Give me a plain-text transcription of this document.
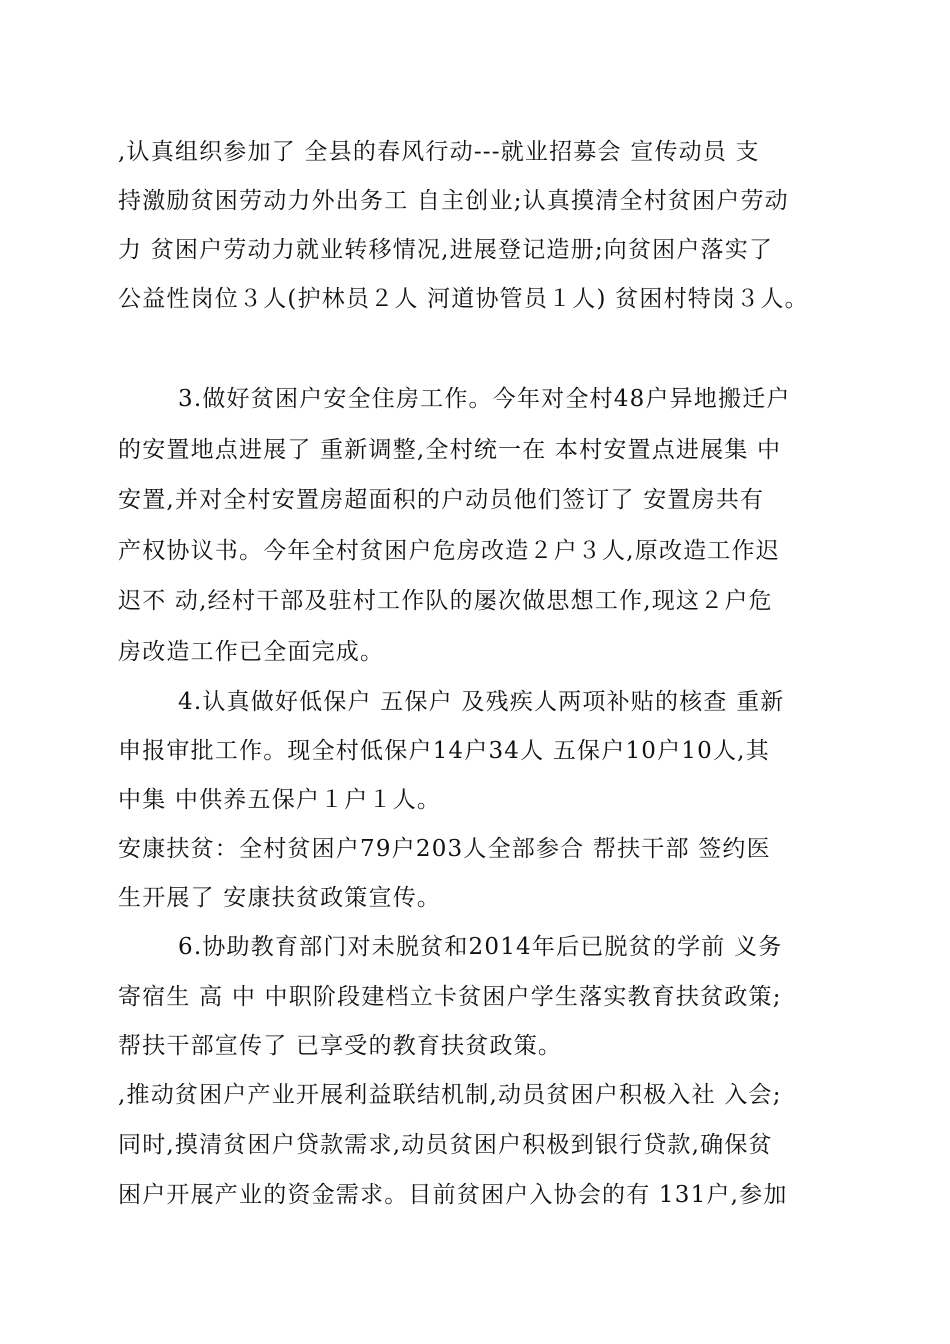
,认真组织参加了 全县的春风行动---就业招募会 宣传动员 支
持激励贫困劳动力外出务工 自主创业;认真摸清全村贫困户劳动
力 贫困户劳动力就业转移情况,进展登记造册;向贫困户落实了
公益性岗位３人(护林员２人 河道协管员１人) 贫困村特岗３人。
3.做好贫困户安全住房工作。今年对全村48户异地搬迁户
的安置地点进展了 重新调整,全村统一在 本村安置点进展集 中
安置,并对全村安置房超面积的户动员他们签订了 安置房共有
产权协议书。今年全村贫困户危房改造２户３人,原改造工作迟
迟不 动,经村干部及驻村工作队的屡次做思想工作,现这２户危
房改造工作已全面完成。
4.认真做好低保户 五保户 及残疾人两项补贴的核查 重新
申报审批工作。现全村低保户14户34人 五保户10户10人,其
中集 中供养五保户１户１人。
安康扶贫：全村贫困户79户203人全部参合 帮扶干部 签约医
生开展了 安康扶贫政策宣传。
6.协助教育部门对未脱贫和2014年后已脱贫的学前 义务
寄宿生 高 中 中职阶段建档立卡贫困户学生落实教育扶贫政策;
帮扶干部宣传了 已享受的教育扶贫政策。
,推动贫困户产业开展利益联结机制,动员贫困户积极入社 入会;
同时,摸清贫困户贷款需求,动员贫困户积极到银行贷款,确保贫
困户开展产业的资金需求。目前贫困户入协会的有 131户,参加
